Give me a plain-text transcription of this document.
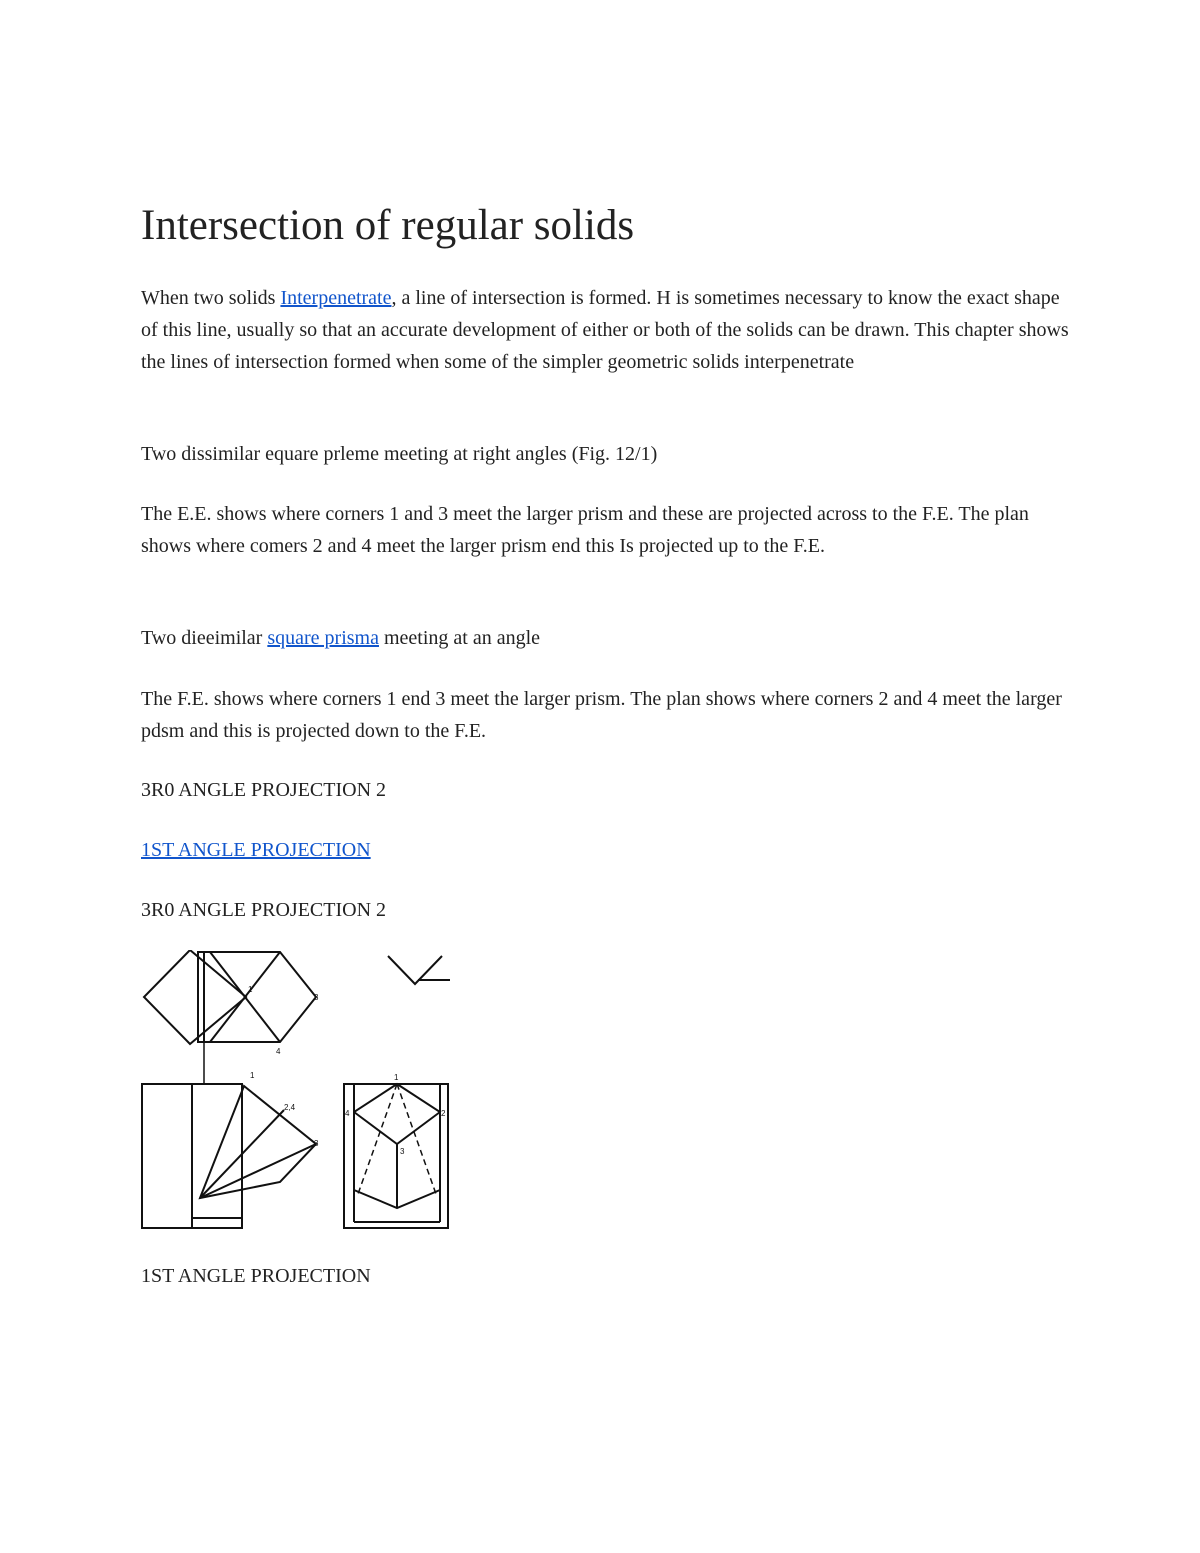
Intersection of regular solids

When two solids Interpenetrate, a line of intersection is formed. H is sometimes necessary to know the exact shape of this line, usually so that an accurate development of either or both of the solids can be drawn. This chapter shows the lines of intersection formed when some of the simpler geometric solids interpenetrate

Two dissimilar equare prleme meeting at right angles (Fig. 12/1)

The E.E. shows where corners 1 and 3 meet the larger prism and these are projected across to the F.E. The plan shows where comers 2 and 4 meet the larger prism end this Is projected up to the F.E.

Two dieeimilar square prisma meeting at an angle

The F.E. shows where corners 1 end 3 meet the larger prism. The plan shows where corners 2 and 4 meet the larger pdsm and this is projected down to the F.E.

3R0 ANGLE PROJECTION 2

1ST ANGLE PROJECTION

3R0 ANGLE PROJECTION 2

1
3
4
1
2,4
3
1
4	2
3

1ST ANGLE PROJECTION
